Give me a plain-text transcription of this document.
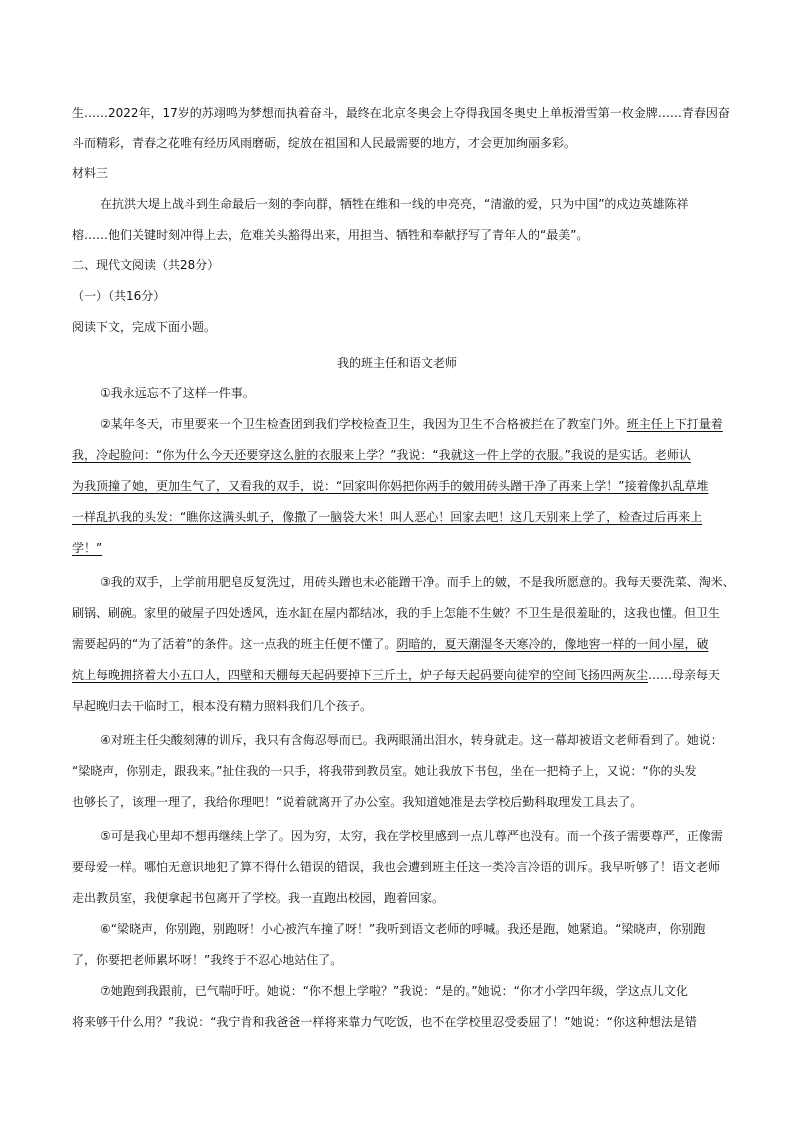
生……2022年，17岁的苏翊鸣为梦想而执着奋斗，最终在北京冬奥会上夺得我国冬奥史上单板滑雪第一枚金牌……青春因奋
斗而精彩，青春之花唯有经历风雨磨砺，绽放在祖国和人民最需要的地方，才会更加绚丽多彩。
材料三
在抗洪大堤上战斗到生命最后一刻的李向群，牺牲在维和一线的申亮亮，“清澈的爱，只为中国”的戍边英雄陈祥
榕……他们关键时刻冲得上去，危难关头豁得出来，用担当、牺牲和奉献抒写了青年人的“最美”。
二、现代文阅读（共28分）
（一）（共16分）
阅读下文，完成下面小题。
我的班主任和语文老师
①我永远忘不了这样一件事。
②某年冬天，市里要来一个卫生检查团到我们学校检查卫生，我因为卫生不合格被拦在了教室门外。班主任上下打量着
我，冷起脸问：“你为什么今天还要穿这么脏的衣服来上学？”我说：“我就这一件上学的衣服。”我说的是实话。老师认
为我顶撞了她，更加生气了，又看我的双手，说：“回家叫你妈把你两手的皴用砖头蹭干净了再来上学！”接着像扒乱草堆
一样乱扒我的头发：“瞧你这满头虮子，像撒了一脑袋大米！叫人恶心！回家去吧！这几天别来上学了，检查过后再来上
学！”
③我的双手，上学前用肥皂反复洗过，用砖头蹭也未必能蹭干净。而手上的皴，不是我所愿意的。我每天要洗菜、淘米、
刷锅、刷碗。家里的破屋子四处透风，连水缸在屋内都结冰，我的手上怎能不生皴？不卫生是很羞耻的，这我也懂。但卫生
需要起码的“为了活着”的条件。这一点我的班主任便不懂了。阴暗的，夏天潮湿冬天寒冷的，像地窖一样的一间小屋，破
炕上每晚拥挤着大小五口人，四壁和天棚每天起码要掉下三斤土，炉子每天起码要向徒窄的空间飞扬四两灰尘……母亲每天
早起晚归去干临时工，根本没有精力照料我们几个孩子。
④对班主任尖酸刻薄的训斥，我只有含侮忍辱而已。我两眼涌出泪水，转身就走。这一幕却被语文老师看到了。她说：
“梁晓声，你别走，跟我来。”扯住我的一只手，将我带到教员室。她让我放下书包，坐在一把椅子上，又说：“你的头发
也够长了，该理一理了，我给你理吧！”说着就离开了办公室。我知道她准是去学校后勤科取理发工具去了。
⑤可是我心里却不想再继续上学了。因为穷，太穷，我在学校里感到一点儿尊严也没有。而一个孩子需要尊严，正像需
要母爱一样。哪怕无意识地犯了算不得什么错误的错误，我也会遭到班主任这一类冷言冷语的训斥。我早听够了！语文老师
走出教员室，我便拿起书包离开了学校。我一直跑出校园，跑着回家。
⑥“梁晓声，你别跑，别跑呀！小心被汽车撞了呀！”我听到语文老师的呼喊。我还是跑，她紧追。“梁晓声，你别跑
了，你要把老师累坏呀！”我终于不忍心地站住了。
⑦她跑到我跟前，已气喘吁吁。她说：“你不想上学啦？”我说：“是的。”她说：“你才小学四年级，学这点儿文化
将来够干什么用？”我说：“我宁肯和我爸爸一样将来靠力气吃饭，也不在学校里忍受委屈了！”她说：“你这种想法是错
